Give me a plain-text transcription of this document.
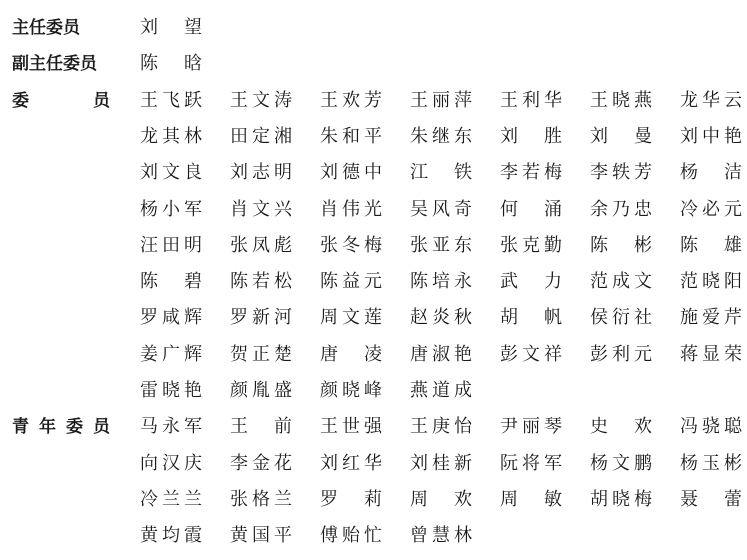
主任委员	刘　望
副主任委员	陈　晗
委	员 王飞跃 王文涛 王欢芳 王丽萍 王利华 王晓燕 龙华云
龙其林 田定湘 朱和平 朱继东 刘　胜 刘　曼 刘中艳
刘文良 刘志明 刘德中 江　铁 李若梅 李轶芳 杨　洁
杨小军 肖文兴 肖伟光 吴风奇 何　涌 余乃忠 冷必元
汪田明 张凤彪 张冬梅 张亚东 张克勤 陈　彬 陈　雄
陈　碧 陈若松 陈益元 陈培永 武　力 范成文 范晓阳
罗咸辉 罗新河 周文莲 赵炎秋 胡　帆 侯衍社 施爱芹
姜广辉 贺正楚 唐　凌 唐淑艳 彭文祥 彭利元 蒋显荣
雷晓艳 颜胤盛 颜晓峰 燕道成
青 年 委 员 马永军 王　前 王世强 王庚怡 尹丽琴 史　欢 冯骁聪
向汉庆 李金花 刘红华 刘桂新 阮将军 杨文鹏 杨玉彬
冷兰兰 张格兰 罗　莉 周　欢 周　敏 胡晓梅 聂　蕾
黄均霞 黄国平 傅贻忙 曾慧林
